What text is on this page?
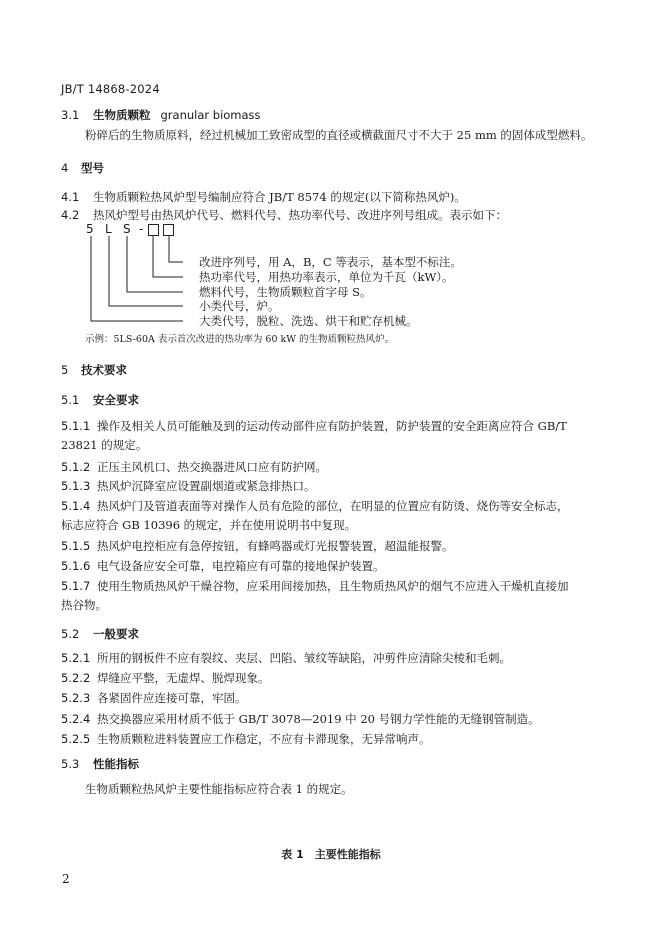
JB/T 14868-2024
3.1 生物质颗粒 granular biomass
粉碎后的生物质原料，经过机械加工致密成型的直径或横截面尺寸不大于 25 mm 的固体成型燃料。
4 型号
4.1 生物质颗粒热风炉型号编制应符合 JB/T 8574 的规定(以下简称热风炉)。
4.2 热风炉型号由热风炉代号、燃料代号、热功率代号、改进序列号组成。表示如下：
5 L S -
改进序列号，用 A，B，C 等表示，基本型不标注。
热功率代号，用热功率表示，单位为千瓦（kW）。
燃料代号，生物质颗粒首字母 S。
小类代号，炉。
大类代号，脱粒、洗选、烘干和贮存机械。
示例：5LS-60A 表示首次改进的热功率为 60 kW 的生物质颗粒热风炉。
5 技术要求
5.1 安全要求
5.1.1 操作及相关人员可能触及到的运动传动部件应有防护装置，防护装置的安全距离应符合 GB/T
23821 的规定。
5.1.2 正压主风机口、热交换器进风口应有防护网。
5.1.3 热风炉沉降室应设置副烟道或紧急排热口。
5.1.4 热风炉门及管道表面等对操作人员有危险的部位，在明显的位置应有防烫、烧伤等安全标志，
标志应符合 GB 10396 的规定，并在使用说明书中复现。
5.1.5 热风炉电控柜应有急停按钮，有蜂鸣器或灯光报警装置，超温能报警。
5.1.6 电气设备应安全可靠，电控箱应有可靠的接地保护装置。
5.1.7 使用生物质热风炉干燥谷物，应采用间接加热，且生物质热风炉的烟气不应进入干燥机直接加
热谷物。
5.2 一般要求
5.2.1 所用的钢板件不应有裂纹、夹层、凹陷、皱纹等缺陷，冲剪件应清除尖棱和毛刺。
5.2.2 焊缝应平整，无虚焊、脱焊现象。
5.2.3 各紧固件应连接可靠，牢固。
5.2.4 热交换器应采用材质不低于 GB/T 3078—2019 中 20 号钢力学性能的无缝钢管制造。
5.2.5 生物质颗粒进料装置应工作稳定，不应有卡滞现象，无异常响声。
5.3 性能指标
生物质颗粒热风炉主要性能指标应符合表 1 的规定。
表 1　主要性能指标
2
